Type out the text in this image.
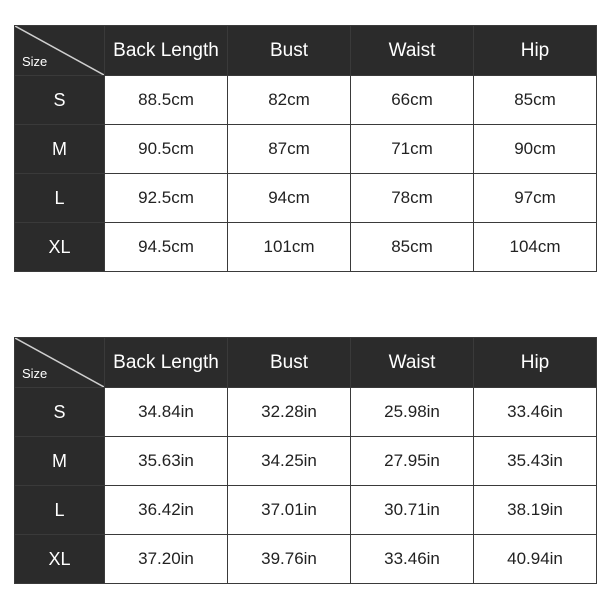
Size	Back Length	Bust	Waist	Hip
S	88.5cm	82cm	66cm	85cm
M	90.5cm	87cm	71cm	90cm
L	92.5cm	94cm	78cm	97cm
XL	94.5cm	101cm	85cm	104cm
Size	Back Length	Bust	Waist	Hip
S	34.84in	32.28in	25.98in	33.46in
M	35.63in	34.25in	27.95in	35.43in
L	36.42in	37.01in	30.71in	38.19in
XL	37.20in	39.76in	33.46in	40.94in
